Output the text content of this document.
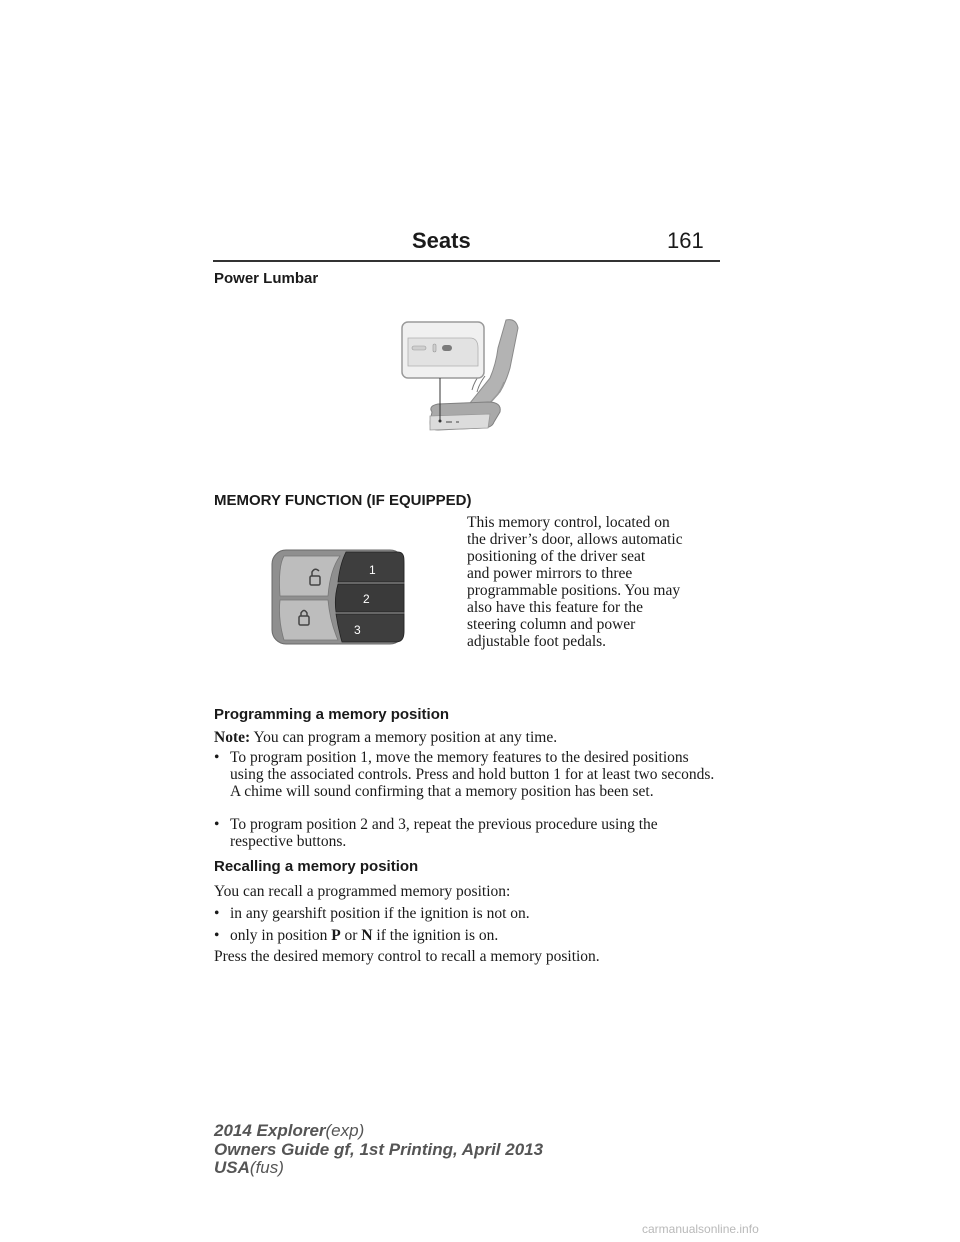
Seats	161
Power Lumbar
MEMORY FUNCTION (IF EQUIPPED)
This memory control, located on
the driver’s door, allows automatic
positioning of the driver seat
and power mirrors to three
programmable positions. You may
also have this feature for the
steering column and power
adjustable foot pedals.
1
2
3
Programming a memory position
Note: You can program a memory position at any time.
• To program position 1, move the memory features to the desired positions using the associated controls. Press and hold button 1 for at least two seconds. A chime will sound confirming that a memory position has been set.
• To program position 2 and 3, repeat the previous procedure using the respective buttons.
Recalling a memory position
You can recall a programmed memory position:
• in any gearshift position if the ignition is not on.
• only in position P or N if the ignition is on.
Press the desired memory control to recall a memory position.
2014 Explorer(exp)
Owners Guide gf, 1st Printing, April 2013
USA(fus)
carmanualsonline.info
